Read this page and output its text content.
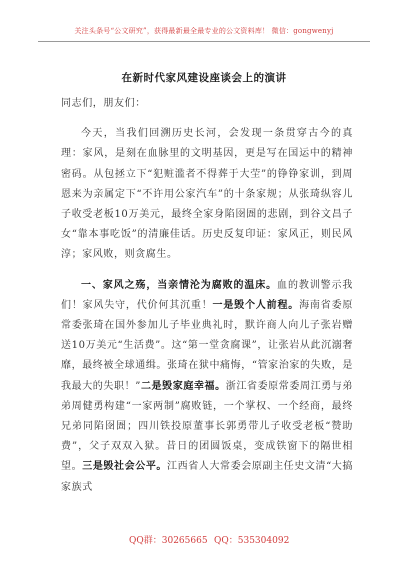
关注头条号“公文研究”，获得最新最全最专业的公文资料库！ 微信：gongwenyj
在新时代家风建设座谈会上的演讲

同志们，朋友们：

今天，当我们回溯历史长河，会发现一条贯穿古今的真理：家风，是刻在血脉里的文明基因，更是写在国运中的精神密码。从包拯立下“犯赃滥者不得葬于大茔”的铮铮家训，到周恩来为亲属定下“不许用公家汽车”的十条家规；从张琦纵容儿子收受老板10万美元，最终全家身陷囹圄的悲剧，到谷文昌子女“靠本事吃饭”的清廉佳话。历史反复印证：家风正，则民风淳；家风败，则贪腐生。

一、家风之殇，当亲情沦为腐败的温床。血的教训警示我们！家风失守，代价何其沉重！一是毁个人前程。海南省委原常委张琦在国外参加儿子毕业典礼时，默许商人向儿子张岩赠送10万美元“生活费”。这“第一堂贪腐课”，让张岩从此沉溺奢靡，最终被全球通缉。张琦在狱中痛悔，“管家治家的失败，是我最大的失职！”二是毁家庭幸福。浙江省委原常委周江勇与弟弟周健勇构建“一家两制”腐败链，一个掌权、一个经商，最终兄弟同陷囹圄；四川铁投原董事长郭勇带儿子收受老板“赞助费”，父子双双入狱。昔日的团圆饭桌，变成铁窗下的隔世相望。三是毁社会公平。江西省人大常委会原副主任史文清“大搞家族式

QQ群：30265665 QQ：535304092
